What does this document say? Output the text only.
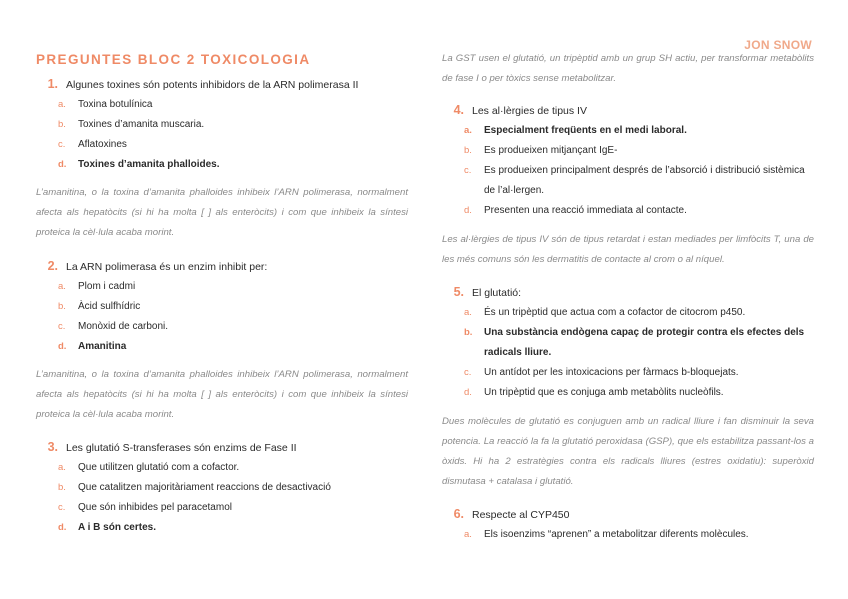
JON SNOW
PREGUNTES BLOC 2 TOXICOLOGIA
1. Algunes toxines són potents inhibidors de la ARN polimerasa II
a.	Toxina botulínica
b.	Toxines d’amanita muscaria.
c.	Aflatoxines
d.	Toxines d’amanita phalloides.

L’amanitina, o la toxina d’amanita phalloides inhibeix l’ARN polimerasa, normalment afecta als hepatòcits (si hi ha molta [ ] als enteròcits) i com que inhibeix la síntesi proteica la cèl·lula acaba morint.

2. La ARN polimerasa és un enzim inhibit per:
a.	Plom i cadmi
b.	Àcid sulfhídric
c.	Monòxid de carboni.
d.	Amanitina

L’amanitina, o la toxina d’amanita phalloides inhibeix l’ARN polimerasa, normalment afecta als hepatòcits (si hi ha molta [ ] als enteròcits) i com que inhibeix la síntesi proteica la cèl·lula acaba morint.

3. Les glutatió S-transferases són enzims de Fase II
a.	Que utilitzen glutatió com a cofactor.
b.	Que catalitzen majoritàriament reaccions de desactivació
c.	Que són inhibides pel paracetamol
d.	A i B són certes.

La GST usen el glutatió, un tripèptid amb un grup SH actiu, per transformar metabòlits de fase I o per tòxics sense metabolitzar.

4. Les al·lèrgies de tipus IV
a.	Especialment freqüents en el medi laboral.
b.	Es produeixen mitjançant IgE-
c.	Es produeixen principalment després de l’absorció i distribució sistèmica de l’al·lergen.
d.	Presenten una reacció immediata al contacte.

Les al·lèrgies de tipus IV són de tipus retardat i estan mediades per limfòcits T, una de les més comuns són les dermatitis de contacte al crom o al níquel.

5. El glutatió:
a.	És un tripèptid que actua com a cofactor de citocrom p450.
b.	Una substància endògena capaç de protegir contra els efectes dels radicals lliure.
c.	Un antídot per les intoxicacions per fàrmacs b-bloquejats.
d.	Un tripèptid que es conjuga amb metabòlits nucleòfils.

Dues molècules de glutatió es conjuguen amb un radical lliure i fan disminuir la seva potencia. La reacció la fa la glutatió peroxidasa (GSP), que els estabilitza passant-los a òxids. Hi ha 2 estratègies contra els radicals lliures (estres oxidatiu): superòxid dismutasa + catalasa i glutatió.

6. Respecte al CYP450
a.	Els isoenzims “aprenen” a metabolitzar diferents molècules.
